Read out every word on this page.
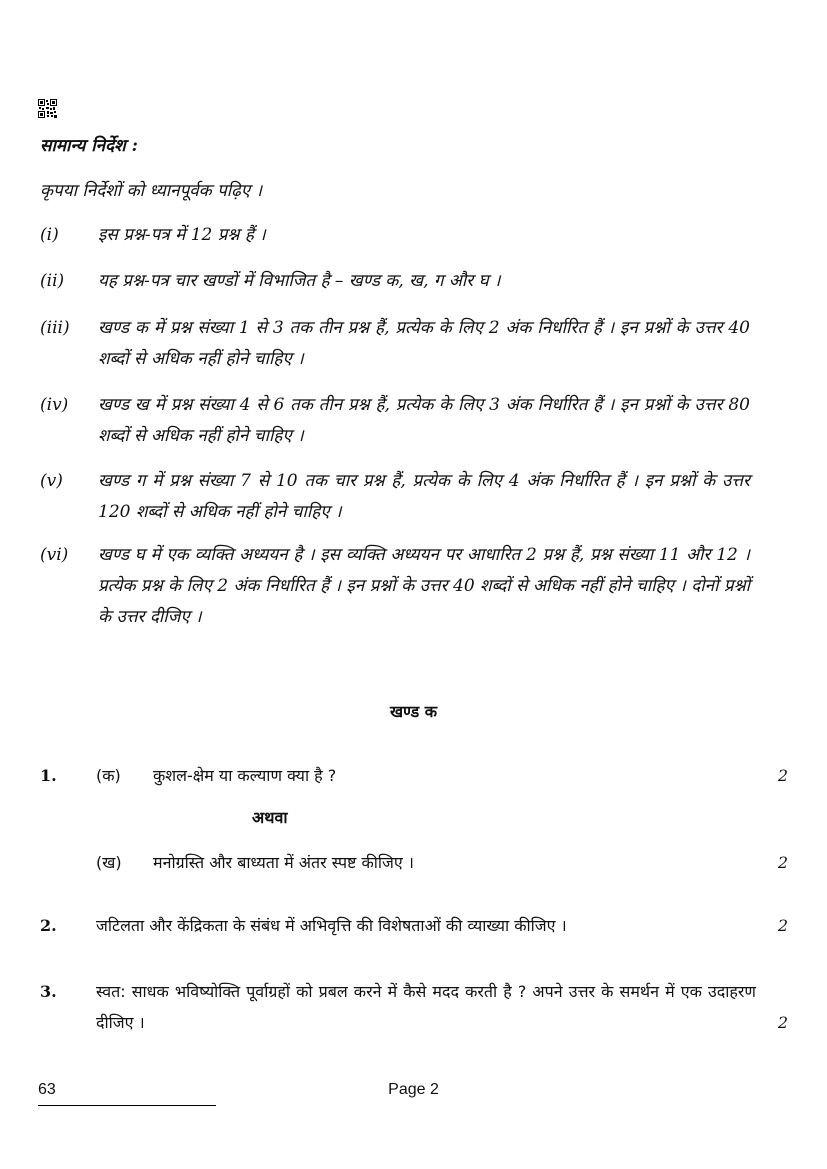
सामान्य निर्देश :
कृपया निर्देशों को ध्यानपूर्वक पढ़िए ।
(i)	इस प्रश्न-पत्र में 12 प्रश्न हैं ।
(ii)	यह प्रश्न-पत्र चार खण्डों में विभाजित है – खण्ड क, ख, ग और घ ।
(iii)	खण्ड क में प्रश्न संख्या 1 से 3 तक तीन प्रश्न हैं, प्रत्येक के लिए 2 अंक निर्धारित हैं । इन प्रश्नों के उत्तर 40 शब्दों से अधिक नहीं होने चाहिए ।
(iv)	खण्ड ख में प्रश्न संख्या 4 से 6 तक तीन प्रश्न हैं, प्रत्येक के लिए 3 अंक निर्धारित हैं । इन प्रश्नों के उत्तर 80 शब्दों से अधिक नहीं होने चाहिए ।
(v)	खण्ड ग में प्रश्न संख्या 7 से 10 तक चार प्रश्न हैं, प्रत्येक के लिए 4 अंक निर्धारित हैं । इन प्रश्नों के उत्तर 120 शब्दों से अधिक नहीं होने चाहिए ।
(vi)	खण्ड घ में एक व्यक्ति अध्ययन है । इस व्यक्ति अध्ययन पर आधारित 2 प्रश्न हैं, प्रश्न संख्या 11 और 12 । प्रत्येक प्रश्न के लिए 2 अंक निर्धारित हैं । इन प्रश्नों के उत्तर 40 शब्दों से अधिक नहीं होने चाहिए । दोनों प्रश्नों के उत्तर दीजिए ।
खण्ड क
1. (क) कुशल-क्षेम या कल्याण क्या है ?	2
अथवा
(ख) मनोग्रस्ति और बाध्यता में अंतर स्पष्ट कीजिए ।	2
2. जटिलता और केंद्रिकता के संबंध में अभिवृत्ति की विशेषताओं की व्याख्या कीजिए ।	2
3. स्वत: साधक भविष्योक्ति पूर्वाग्रहों को प्रबल करने में कैसे मदद करती है ? अपने उत्तर के समर्थन में एक उदाहरण दीजिए ।	2
63	Page 2
